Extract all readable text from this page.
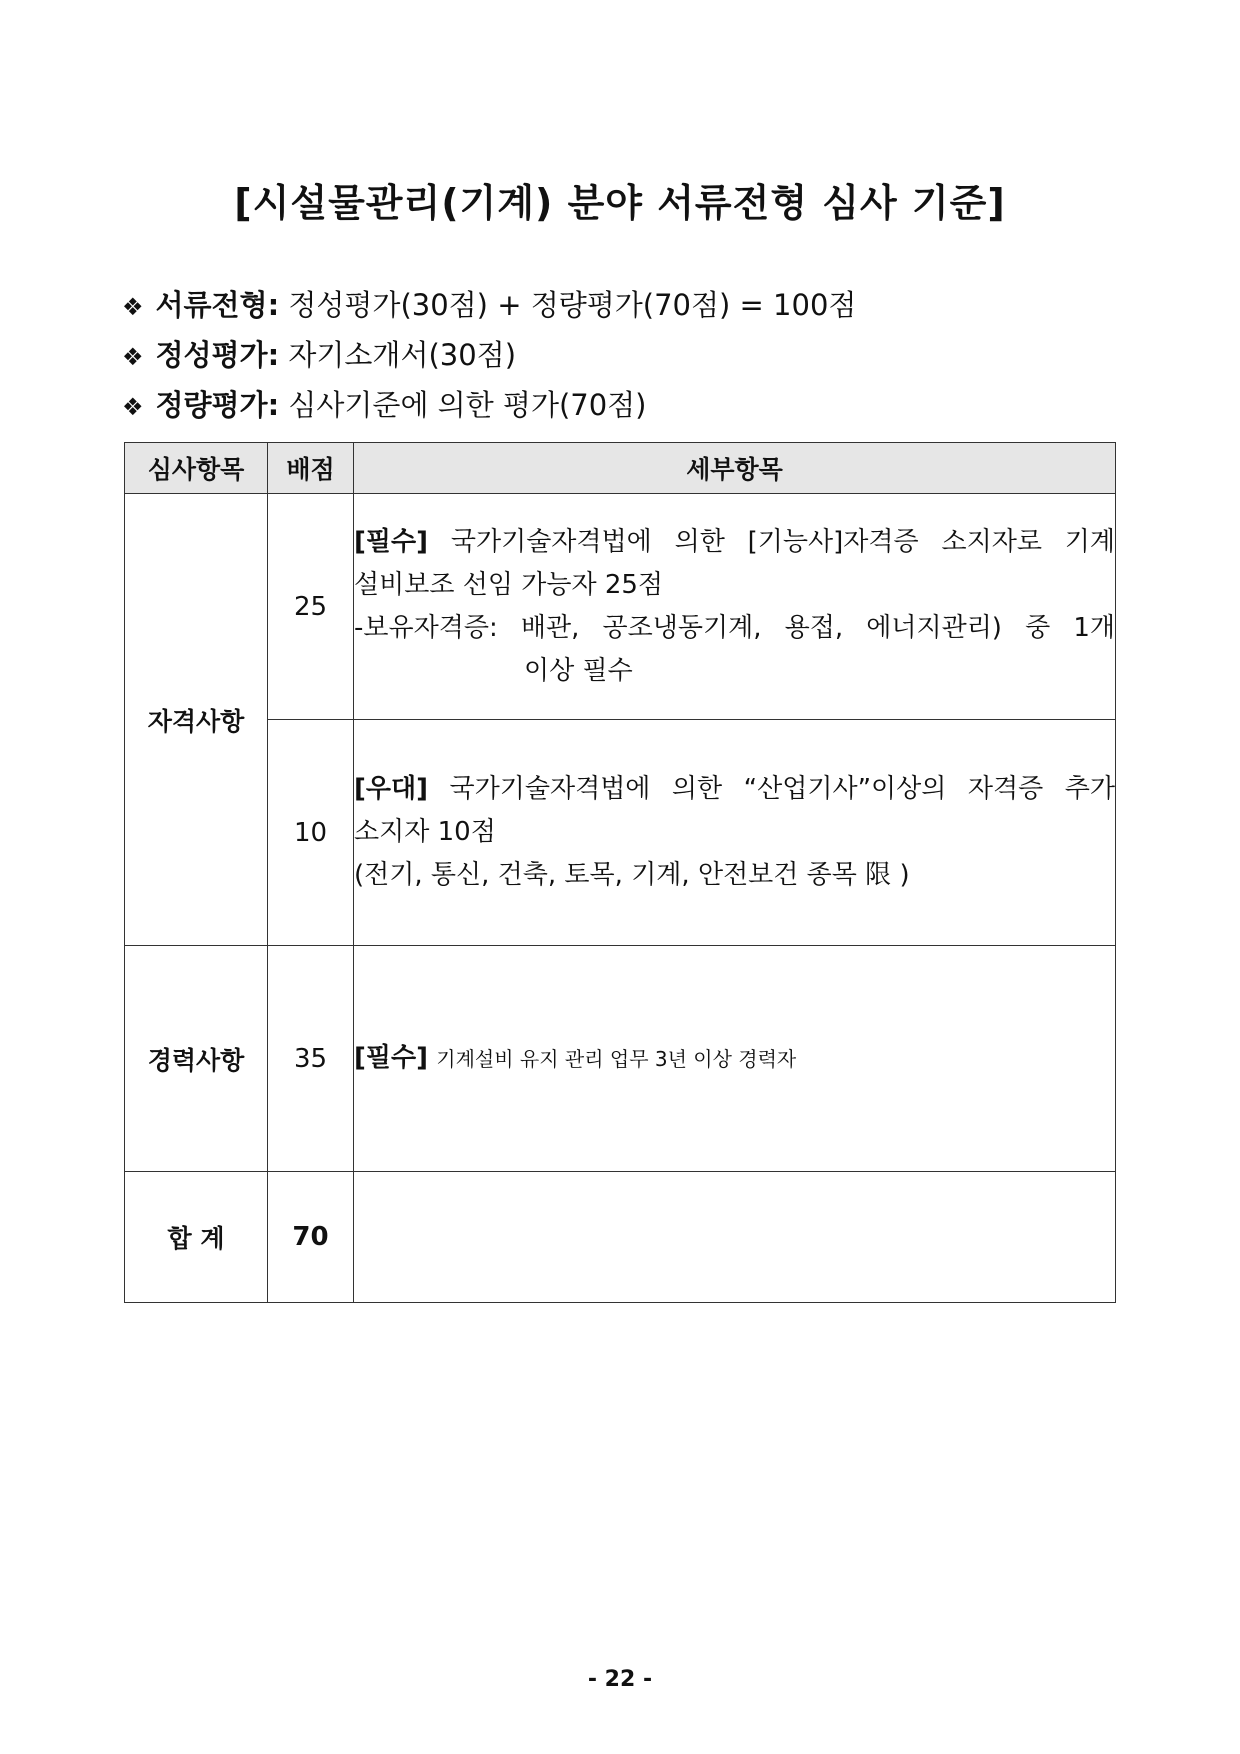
[시설물관리(기계) 분야 서류전형 심사 기준]
❖ 서류전형: 정성평가(30점) + 정량평가(70점) = 100점
❖ 정성평가: 자기소개서(30점)
❖ 정량평가: 심사기준에 의한 평가(70점)
심사항목	배점	세부항목
자격사항	25	[필수] 국가기술자격법에 의한 [기능사]자격증 소지자로 기계
설비보조 선임 가능자 25점
-보유자격증: 배관, 공조냉동기계, 용접, 에너지관리) 중 1개
이상 필수

	10	[우대] 국가기술자격법에 의한 “산업기사”이상의 자격증 추가
소지자 10점
(전기, 통신, 건축, 토목, 기계, 안전보건 종목 限 )

경력사항	35	[필수] 기계설비 유지 관리 업무 3년 이상 경력자
합 계	70	
- 22 -
